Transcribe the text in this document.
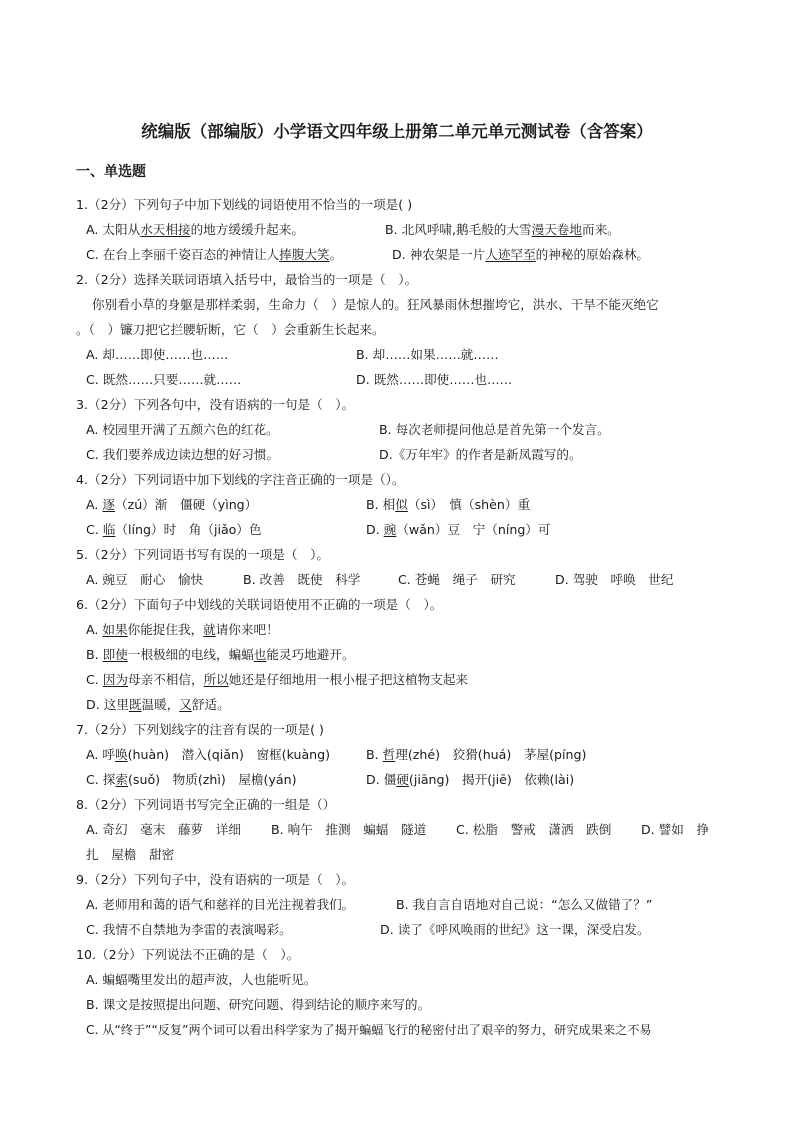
统编版（部编版）小学语文四年级上册第二单元单元测试卷（含答案）
一、单选题
1.（2分）下列句子中加下划线的词语使用不恰当的一项是( )
A. 太阳从水天相接的地方缓缓升起来。	B. 北风呼啸,鹅毛般的大雪漫天卷地而来。
C. 在台上李丽千姿百态的神情让人捧腹大笑。	D. 神农架是一片人迹罕至的神秘的原始森林。
2.（2分）选择关联词语填入括号中，最恰当的一项是（　）。
你别看小草的身躯是那样柔弱，生命力（　）是惊人的。狂风暴雨休想摧垮它，洪水、干旱不能灭绝它
。（　）镰刀把它拦腰斩断，它（　）会重新生长起来。
A. 却……即使……也……	B. 却……如果……就……
C. 既然……只要……就……	D. 既然……即使……也……
3.（2分）下列各句中，没有语病的一句是（　）。
A. 校园里开满了五颜六色的红花。	B. 每次老师提问他总是首先第一个发言。
C. 我们要养成边读边想的好习惯。	D.《万年牢》的作者是新凤霞写的。
4.（2分）下列词语中加下划线的字注音正确的一项是（）。
A. 逐（zú）渐　僵硬（yìng）	B. 相似（sì）　慎（shèn）重
C. 临（líng）时　角（jiǎo）色	D. 豌（wǎn）豆　宁（níng）可
5.（2分）下列词语书写有误的一项是（　）。
A. 豌豆　耐心　愉快	B. 改善　既使　科学	C. 苍蝇　绳子　研究	D. 驾驶　呼唤　世纪
6.（2分）下面句子中划线的关联词语使用不正确的一项是（　）。
A. 如果你能捉住我，就请你来吧！
B. 即使一根极细的电线，蝙蝠也能灵巧地避开。
C. 因为母亲不相信，所以她还是仔细地用一根小棍子把这植物支起来
D. 这里既温暖，又舒适。
7.（2分）下列划线字的注音有误的一项是( )
A. 呼唤(huàn)　潜入(qiǎn)　窗框(kuàng)	B. 哲理(zhé)　狡猾(huá)　茅屋(píng)
C. 探索(suǒ)　物质(zhì)　屋檐(yán)	D. 僵硬(jiāng)　揭开(jiē)　依赖(lài)
8.（2分）下列词语书写完全正确的一组是（）
A. 奇幻　毫末　藤萝　详细 B. 响午　推测　蝙蝠　隧道 C. 松脂　警戒　潇洒　跌倒 D. 譬如　挣
扎　屋檐　甜密
9.（2分）下列句子中，没有语病的一项是（　）。
A. 老师用和蔼的语气和慈祥的目光注视着我们。	B. 我自言自语地对自己说：“怎么又做错了？”
C. 我情不自禁地为李雷的表演喝彩。	D. 读了《呼风唤雨的世纪》这一课，深受启发。
10.（2分）下列说法不正确的是（　）。
A. 蝙蝠嘴里发出的超声波，人也能听见。
B. 课文是按照提出问题、研究问题、得到结论的顺序来写的。
C. 从“终于”“反复”两个词可以看出科学家为了揭开蝙蝠飞行的秘密付出了艰辛的努力，研究成果来之不易
